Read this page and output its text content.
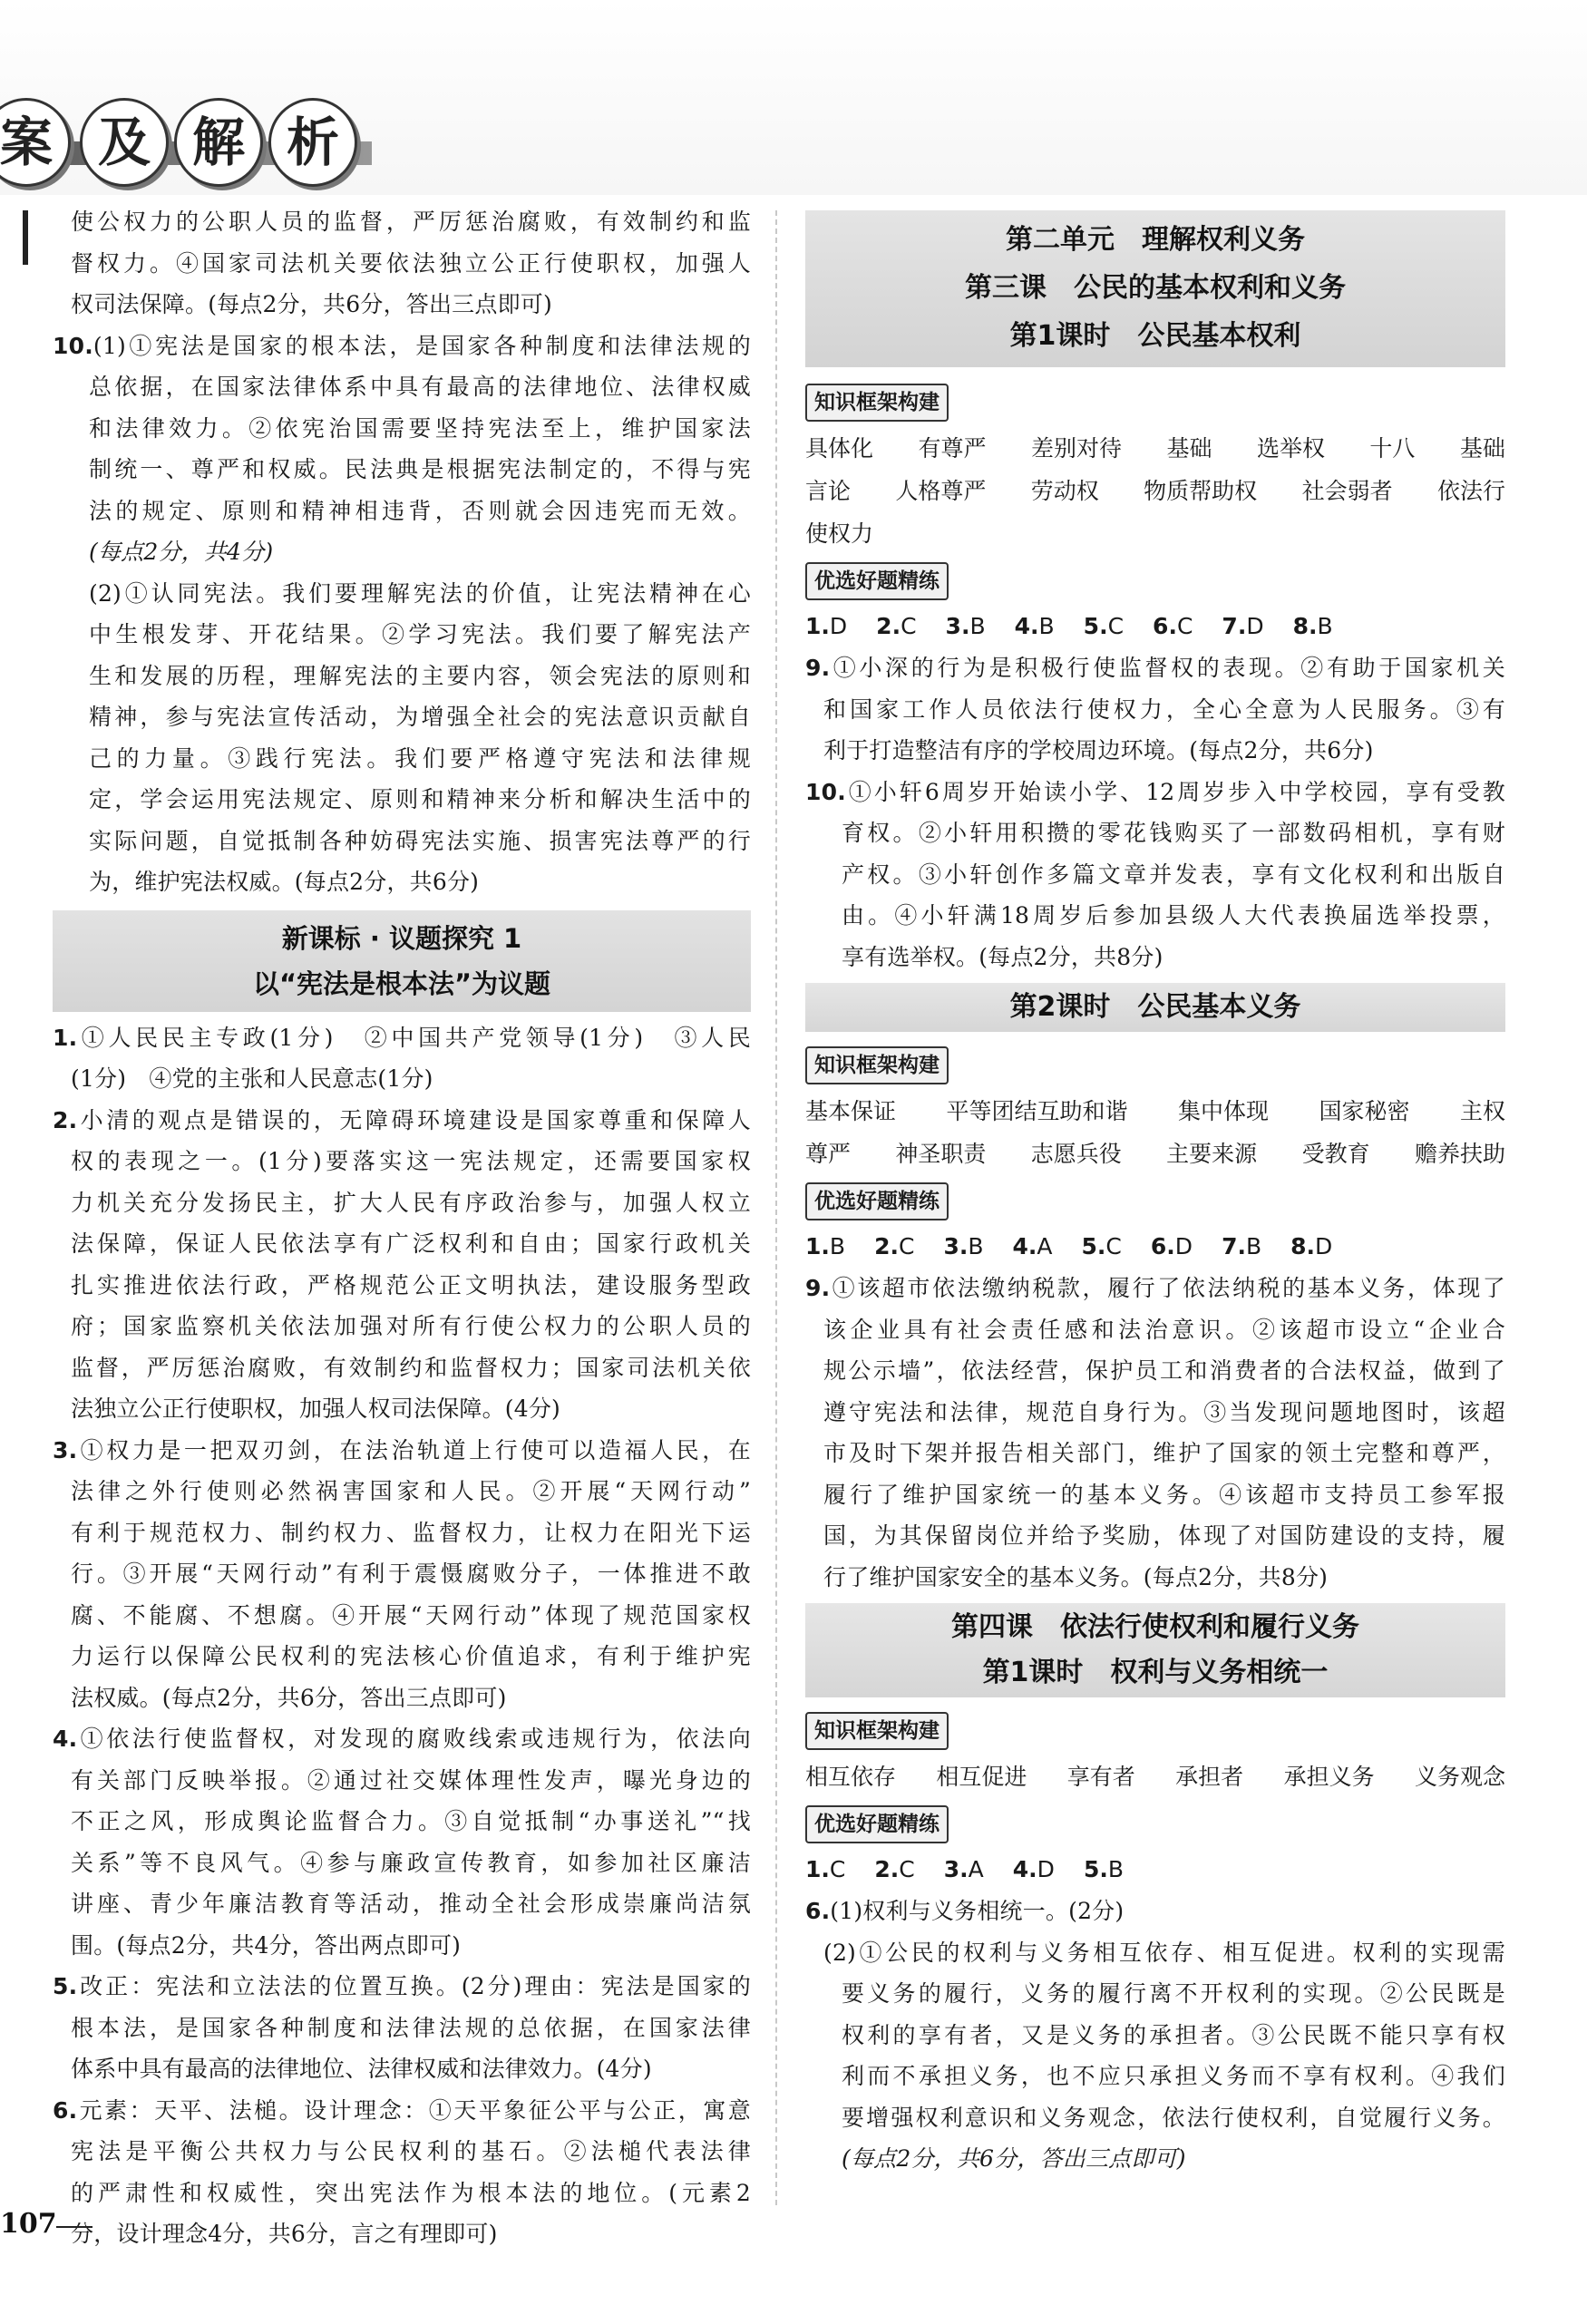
案 及 解 析
使公权力的公职人员的监督，严厉惩治腐败，有效制约和监
督权力。④国家司法机关要依法独立公正行使职权，加强人
权司法保障。(每点2分，共6分，答出三点即可)
10.(1)①宪法是国家的根本法，是国家各种制度和法律法规的
总依据，在国家法律体系中具有最高的法律地位、法律权威
和法律效力。②依宪治国需要坚持宪法至上，维护国家法
制统一、尊严和权威。民法典是根据宪法制定的，不得与宪
法的规定、原则和精神相违背，否则就会因违宪而无效。
(每点2分，共4分)
(2)①认同宪法。我们要理解宪法的价值，让宪法精神在心
中生根发芽、开花结果。②学习宪法。我们要了解宪法产
生和发展的历程，理解宪法的主要内容，领会宪法的原则和
精神，参与宪法宣传活动，为增强全社会的宪法意识贡献自
己的力量。③践行宪法。我们要严格遵守宪法和法律规
定，学会运用宪法规定、原则和精神来分析和解决生活中的
实际问题，自觉抵制各种妨碍宪法实施、损害宪法尊严的行
为，维护宪法权威。(每点2分，共6分)
新课标 · 议题探究 1
以“宪法是根本法”为议题
1.①人民民主专政(1分)　②中国共产党领导(1分)　③人民
(1分)　④党的主张和人民意志(1分)
2.小清的观点是错误的，无障碍环境建设是国家尊重和保障人
权的表现之一。(1分)要落实这一宪法规定，还需要国家权
力机关充分发扬民主，扩大人民有序政治参与，加强人权立
法保障，保证人民依法享有广泛权利和自由；国家行政机关
扎实推进依法行政，严格规范公正文明执法，建设服务型政
府；国家监察机关依法加强对所有行使公权力的公职人员的
监督，严厉惩治腐败，有效制约和监督权力；国家司法机关依
法独立公正行使职权，加强人权司法保障。(4分)
3.①权力是一把双刃剑，在法治轨道上行使可以造福人民，在
法律之外行使则必然祸害国家和人民。②开展“天网行动”
有利于规范权力、制约权力、监督权力，让权力在阳光下运
行。③开展“天网行动”有利于震慑腐败分子，一体推进不敢
腐、不能腐、不想腐。④开展“天网行动”体现了规范国家权
力运行以保障公民权利的宪法核心价值追求，有利于维护宪
法权威。(每点2分，共6分，答出三点即可)
4.①依法行使监督权，对发现的腐败线索或违规行为，依法向
有关部门反映举报。②通过社交媒体理性发声，曝光身边的
不正之风，形成舆论监督合力。③自觉抵制“办事送礼”“找
关系”等不良风气。④参与廉政宣传教育，如参加社区廉洁
讲座、青少年廉洁教育等活动，推动全社会形成崇廉尚洁氛
围。(每点2分，共4分，答出两点即可)
5.改正：宪法和立法法的位置互换。(2分)理由：宪法是国家的
根本法，是国家各种制度和法律法规的总依据，在国家法律
体系中具有最高的法律地位、法律权威和法律效力。(4分)
6.元素：天平、法槌。设计理念：①天平象征公平与公正，寓意
宪法是平衡公共权力与公民权利的基石。②法槌代表法律
的严肃性和权威性，突出宪法作为根本法的地位。(元素2
分，设计理念4分，共6分，言之有理即可)
第二单元　理解权利义务
第三课　公民的基本权利和义务
第1课时　公民基本权利
知识框架构建
具体化 有尊严 差别对待 基础 选举权 十八 基础
言论 人格尊严 劳动权 物质帮助权 社会弱者 依法行
使权力
优选好题精练
1.D 2.C 3.B 4.B 5.C 6.C 7.D 8.B
9.①小深的行为是积极行使监督权的表现。②有助于国家机关
和国家工作人员依法行使权力，全心全意为人民服务。③有
利于打造整洁有序的学校周边环境。(每点2分，共6分)
10.①小轩6周岁开始读小学、12周岁步入中学校园，享有受教
育权。②小轩用积攒的零花钱购买了一部数码相机，享有财
产权。③小轩创作多篇文章并发表，享有文化权利和出版自
由。④小轩满18周岁后参加县级人大代表换届选举投票，
享有选举权。(每点2分，共8分)
第2课时　公民基本义务
知识框架构建
基本保证 平等团结互助和谐 集中体现 国家秘密 主权
尊严 神圣职责 志愿兵役 主要来源 受教育 赡养扶助
优选好题精练
1.B 2.C 3.B 4.A 5.C 6.D 7.B 8.D
9.①该超市依法缴纳税款，履行了依法纳税的基本义务，体现了
该企业具有社会责任感和法治意识。②该超市设立“企业合
规公示墙”，依法经营，保护员工和消费者的合法权益，做到了
遵守宪法和法律，规范自身行为。③当发现问题地图时，该超
市及时下架并报告相关部门，维护了国家的领土完整和尊严，
履行了维护国家统一的基本义务。④该超市支持员工参军报
国，为其保留岗位并给予奖励，体现了对国防建设的支持，履
行了维护国家安全的基本义务。(每点2分，共8分)
第四课　依法行使权利和履行义务
第1课时　权利与义务相统一
知识框架构建
相互依存 相互促进 享有者 承担者 承担义务 义务观念
优选好题精练
1.C 2.C 3.A 4.D 5.B
6.(1)权利与义务相统一。(2分)
(2)①公民的权利与义务相互依存、相互促进。权利的实现需
要义务的履行，义务的履行离不开权利的实现。②公民既是
权利的享有者，又是义务的承担者。③公民既不能只享有权
利而不承担义务，也不应只承担义务而不享有权利。④我们
要增强权利意识和义务观念，依法行使权利，自觉履行义务。
(每点2分，共6分，答出三点即可)
107
